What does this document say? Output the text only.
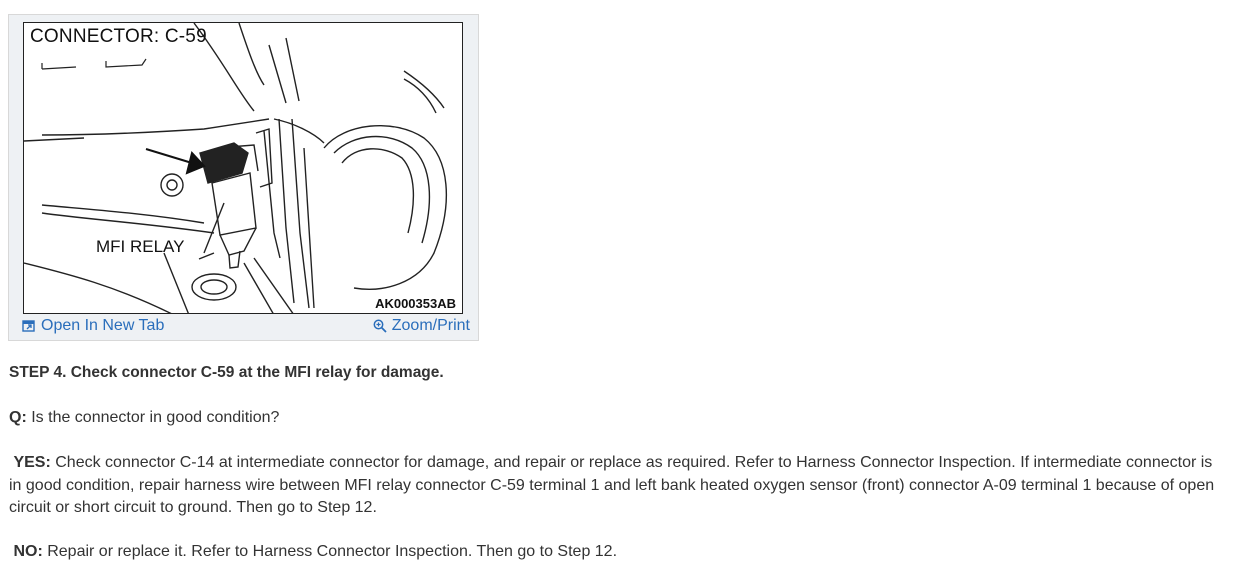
CONNECTOR: C-59
MFI RELAY
AK000353AB
Open In New Tab	Zoom/Print
STEP 4. Check connector C-59 at the MFI relay for damage.
Q: Is the connector in good condition?
YES: Check connector C-14 at intermediate connector for damage, and repair or replace as required. Refer to Harness Connector Inspection. If intermediate connector is in good condition, repair harness wire between MFI relay connector C-59 terminal 1 and left bank heated oxygen sensor (front) connector A-09 terminal 1 because of open circuit or short circuit to ground. Then go to Step 12.
NO: Repair or replace it. Refer to Harness Connector Inspection. Then go to Step 12.
